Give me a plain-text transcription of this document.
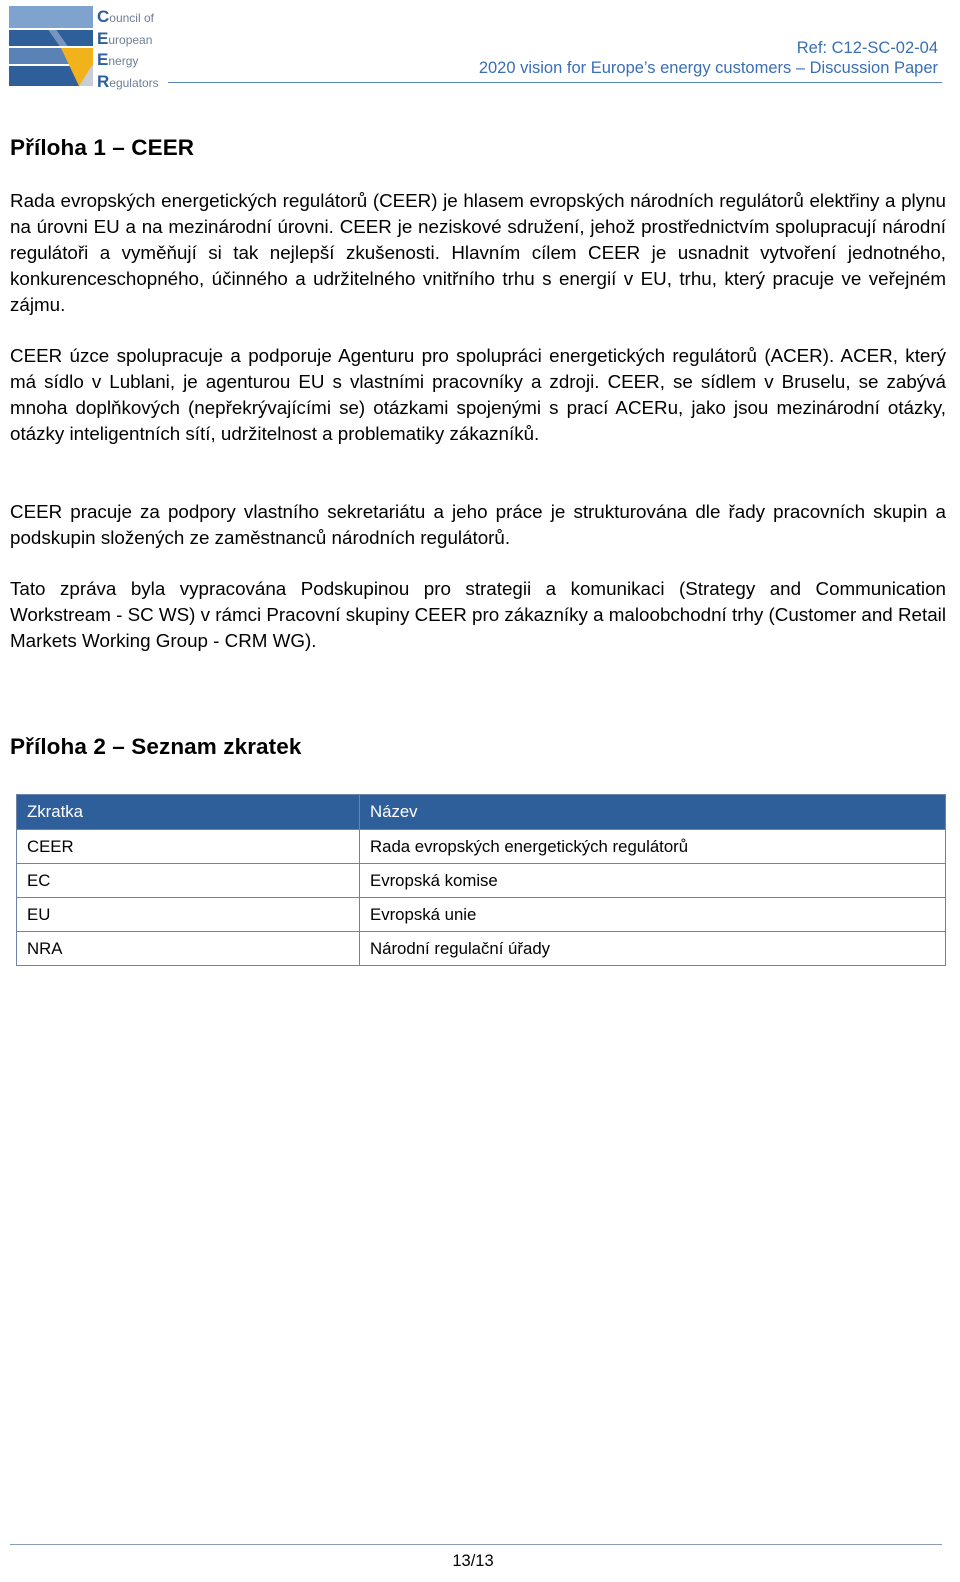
Council of
European
Energy
Regulators
Ref: C12-SC-02-04
2020 vision for Europe’s energy customers – Discussion Paper
Příloha 1 – CEER

Rada evropských energetických regulátorů (CEER) je hlasem evropských národních regulátorů elektřiny a plynu na úrovni EU a na mezinárodní úrovni. CEER je neziskové sdružení, jehož prostřednictvím spolupracují národní regulátoři a vyměňují si tak nejlepší zkušenosti. Hlavním cílem CEER je usnadnit vytvoření jednotného, konkurenceschopného, účinného a udržitelného vnitřního trhu s energií v EU, trhu, který pracuje ve veřejném zájmu.

CEER úzce spolupracuje a podporuje Agenturu pro spolupráci energetických regulátorů (ACER). ACER, který má sídlo v Lublani, je agenturou EU s vlastními pracovníky a zdroji. CEER, se sídlem v Bruselu, se zabývá mnoha doplňkových (nepřekrývajícími se) otázkami spojenými s prací ACERu, jako jsou mezinárodní otázky, otázky inteligentních sítí, udržitelnost a problematiky zákazníků.

CEER pracuje za podpory vlastního sekretariátu a jeho práce je strukturována dle řady pracovních skupin a podskupin složených ze zaměstnanců národních regulátorů.

Tato zpráva byla vypracována Podskupinou pro strategii a komunikaci (Strategy and Communication Workstream - SC WS) v rámci Pracovní skupiny CEER pro zákazníky a maloobchodní trhy (Customer and Retail Markets Working Group - CRM WG).

Příloha 2 – Seznam zkratek
Zkratka	Název
CEER	Rada evropských energetických regulátorů
EC	Evropská komise
EU	Evropská unie
NRA	Národní regulační úřady
13/13
